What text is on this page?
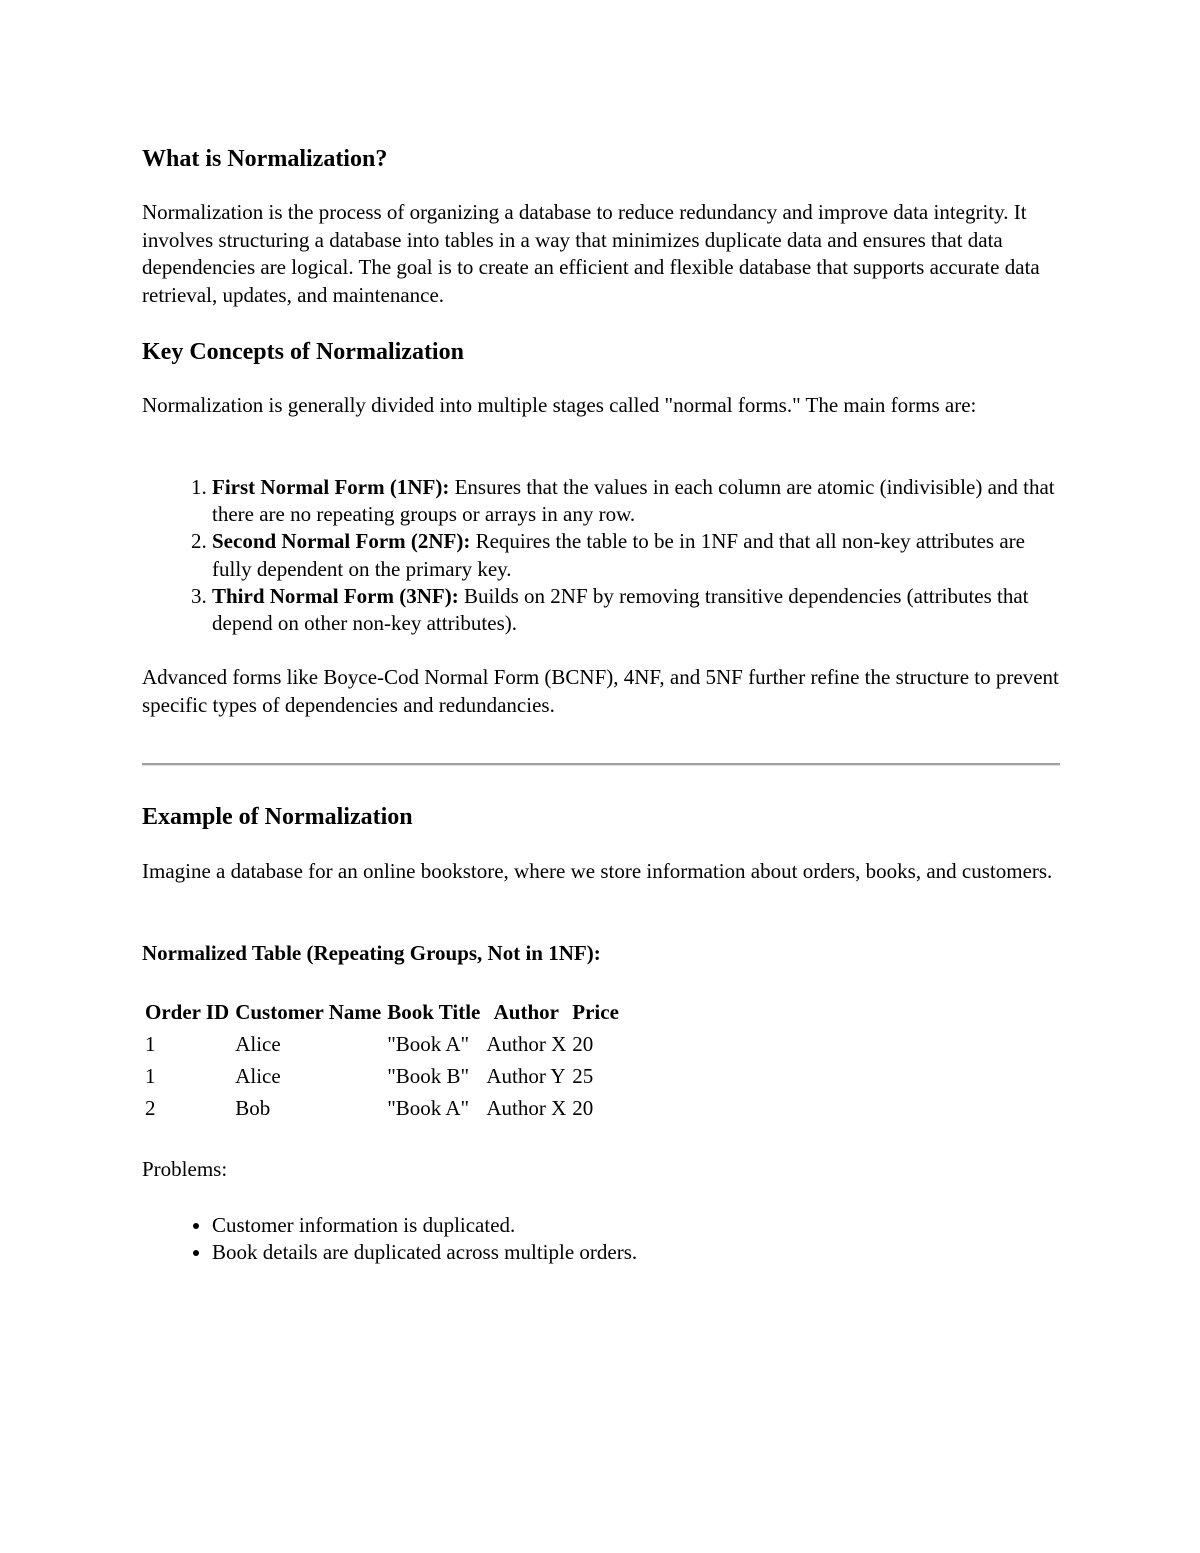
What is Normalization?

Normalization is the process of organizing a database to reduce redundancy and improve data integrity. It involves structuring a database into tables in a way that minimizes duplicate data and ensures that data dependencies are logical. The goal is to create an efficient and flexible database that supports accurate data retrieval, updates, and maintenance.

Key Concepts of Normalization

Normalization is generally divided into multiple stages called "normal forms." The main forms are:

1. First Normal Form (1NF): Ensures that the values in each column are atomic (indivisible) and that there are no repeating groups or arrays in any row.
2. Second Normal Form (2NF): Requires the table to be in 1NF and that all non-key attributes are fully dependent on the primary key.
3. Third Normal Form (3NF): Builds on 2NF by removing transitive dependencies (attributes that depend on other non-key attributes).

Advanced forms like Boyce-Cod Normal Form (BCNF), 4NF, and 5NF further refine the structure to prevent specific types of dependencies and redundancies.

Example of Normalization

Imagine a database for an online bookstore, where we store information about orders, books, and customers.

Normalized Table (Repeating Groups, Not in 1NF):

Order ID	Customer Name	Book Title	Author	Price
1	Alice	"Book A"	Author X	20
1	Alice	"Book B"	Author Y	25
2	Bob	"Book A"	Author X	20

Problems:

• Customer information is duplicated.
• Book details are duplicated across multiple orders.
